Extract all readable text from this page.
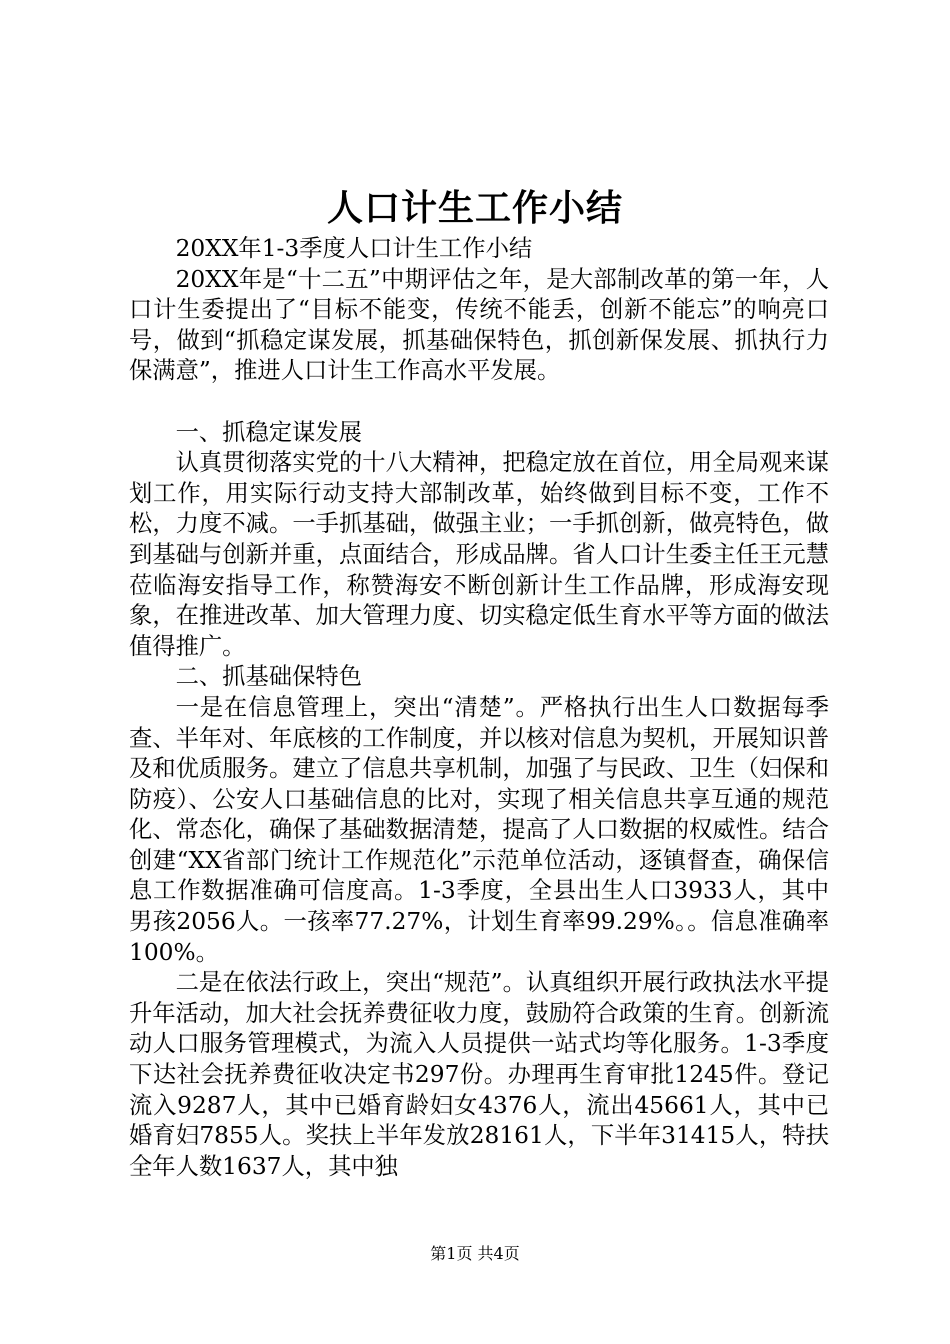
人口计生工作小结

20XX年1-3季度人口计生工作小结

20XX年是“十二五”中期评估之年，是大部制改革的第一年，人口计生委提出了“目标不能变，传统不能丢，创新不能忘”的响亮口号，做到“抓稳定谋发展，抓基础保特色，抓创新保发展、抓执行力保满意”，推进人口计生工作高水平发展。

一、抓稳定谋发展

认真贯彻落实党的十八大精神，把稳定放在首位，用全局观来谋划工作，用实际行动支持大部制改革，始终做到目标不变，工作不松，力度不减。一手抓基础，做强主业；一手抓创新，做亮特色，做到基础与创新并重，点面结合，形成品牌。省人口计生委主任王元慧莅临海安指导工作，称赞海安不断创新计生工作品牌，形成海安现象，在推进改革、加大管理力度、切实稳定低生育水平等方面的做法值得推广。

二、抓基础保特色

一是在信息管理上，突出“清楚”。严格执行出生人口数据每季查、半年对、年底核的工作制度，并以核对信息为契机，开展知识普及和优质服务。建立了信息共享机制，加强了与民政、卫生（妇保和防疫）、公安人口基础信息的比对，实现了相关信息共享互通的规范化、常态化，确保了基础数据清楚，提高了人口数据的权威性。结合创建“XX省部门统计工作规范化”示范单位活动，逐镇督查，确保信息工作数据准确可信度高。1-3季度，全县出生人口3933人，其中男孩2056人。一孩率77.27%，计划生育率99.29%。。信息准确率100%。

二是在依法行政上，突出“规范”。认真组织开展行政执法水平提升年活动，加大社会抚养费征收力度，鼓励符合政策的生育。创新流动人口服务管理模式，为流入人员提供一站式均等化服务。1-3季度下达社会抚养费征收决定书297份。办理再生育审批1245件。登记流入9287人，其中已婚育龄妇女4376人，流出45661人，其中已婚育妇7855人。奖扶上半年发放28161人，下半年31415人，特扶全年人数1637人，其中独

第1页 共4页
